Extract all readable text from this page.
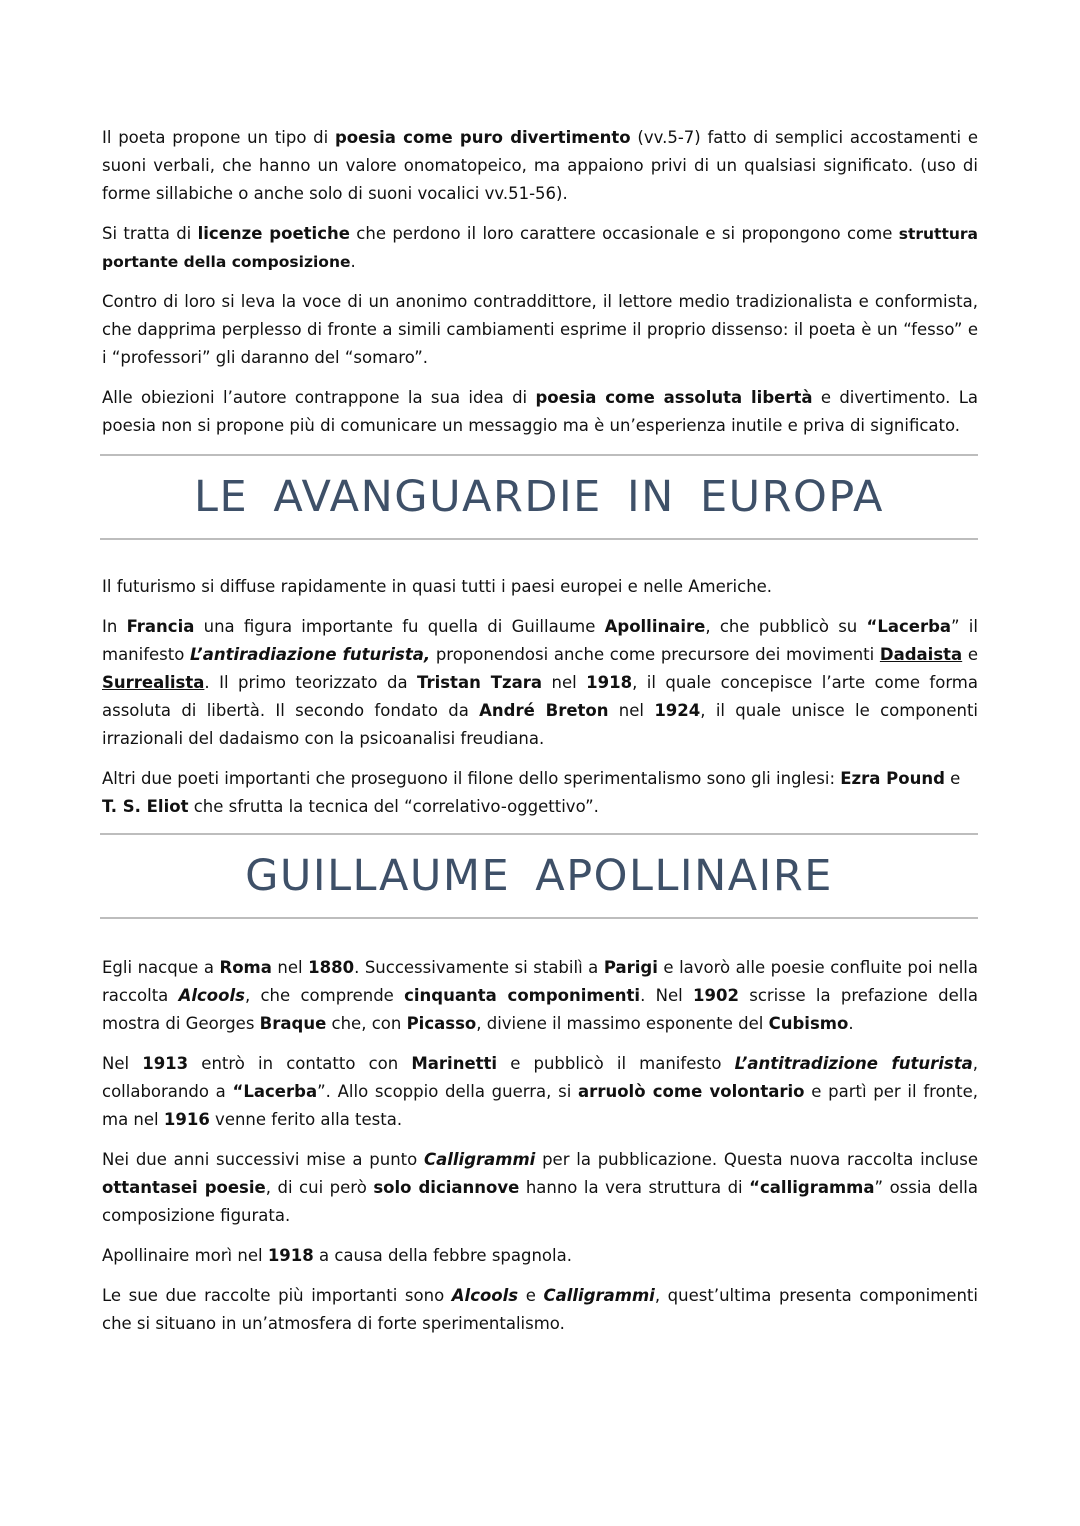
Il poeta propone un tipo di poesia come puro divertimento (vv.5-7) fatto di semplici accostamenti e suoni verbali, che hanno un valore onomatopeico, ma appaiono privi di un qualsiasi significato. (uso di forme sillabiche o anche solo di suoni vocalici vv.51-56).

Si tratta di licenze poetiche che perdono il loro carattere occasionale e si propongono come struttura portante della composizione.

Contro di loro si leva la voce di un anonimo contraddittore, il lettore medio tradizionalista e conformista, che dapprima perplesso di fronte a simili cambiamenti esprime il proprio dissenso: il poeta è un “fesso” e i “professori” gli daranno del “somaro”.

Alle obiezioni l’autore contrappone la sua idea di poesia come assoluta libertà e divertimento. La poesia non si propone più di comunicare un messaggio ma è un’esperienza inutile e priva di significato.

LE AVANGUARDIE IN EUROPA

Il futurismo si diffuse rapidamente in quasi tutti i paesi europei e nelle Americhe.

In Francia una figura importante fu quella di Guillaume Apollinaire, che pubblicò su “Lacerba” il manifesto L’antiradiazione futurista, proponendosi anche come precursore dei movimenti Dadaista e Surrealista. Il primo teorizzato da Tristan Tzara nel 1918, il quale concepisce l’arte come forma assoluta di libertà. Il secondo fondato da André Breton nel 1924, il quale unisce le componenti irrazionali del dadaismo con la psicoanalisi freudiana.

Altri due poeti importanti che proseguono il filone dello sperimentalismo sono gli inglesi: Ezra Pound e T. S. Eliot che sfrutta la tecnica del “correlativo-oggettivo”.

GUILLAUME APOLLINAIRE

Egli nacque a Roma nel 1880. Successivamente si stabilì a Parigi e lavorò alle poesie confluite poi nella raccolta Alcools, che comprende cinquanta componimenti. Nel 1902 scrisse la prefazione della mostra di Georges Braque che, con Picasso, diviene il massimo esponente del Cubismo.

Nel 1913 entrò in contatto con Marinetti e pubblicò il manifesto L’antitradizione futurista, collaborando a “Lacerba”. Allo scoppio della guerra, si arruolò come volontario e partì per il fronte, ma nel 1916 venne ferito alla testa.

Nei due anni successivi mise a punto Calligrammi per la pubblicazione. Questa nuova raccolta incluse ottantasei poesie, di cui però solo diciannove hanno la vera struttura di “calligramma” ossia della composizione figurata.

Apollinaire morì nel 1918 a causa della febbre spagnola.

Le sue due raccolte più importanti sono Alcools e Calligrammi, quest’ultima presenta componimenti che si situano in un’atmosfera di forte sperimentalismo.
